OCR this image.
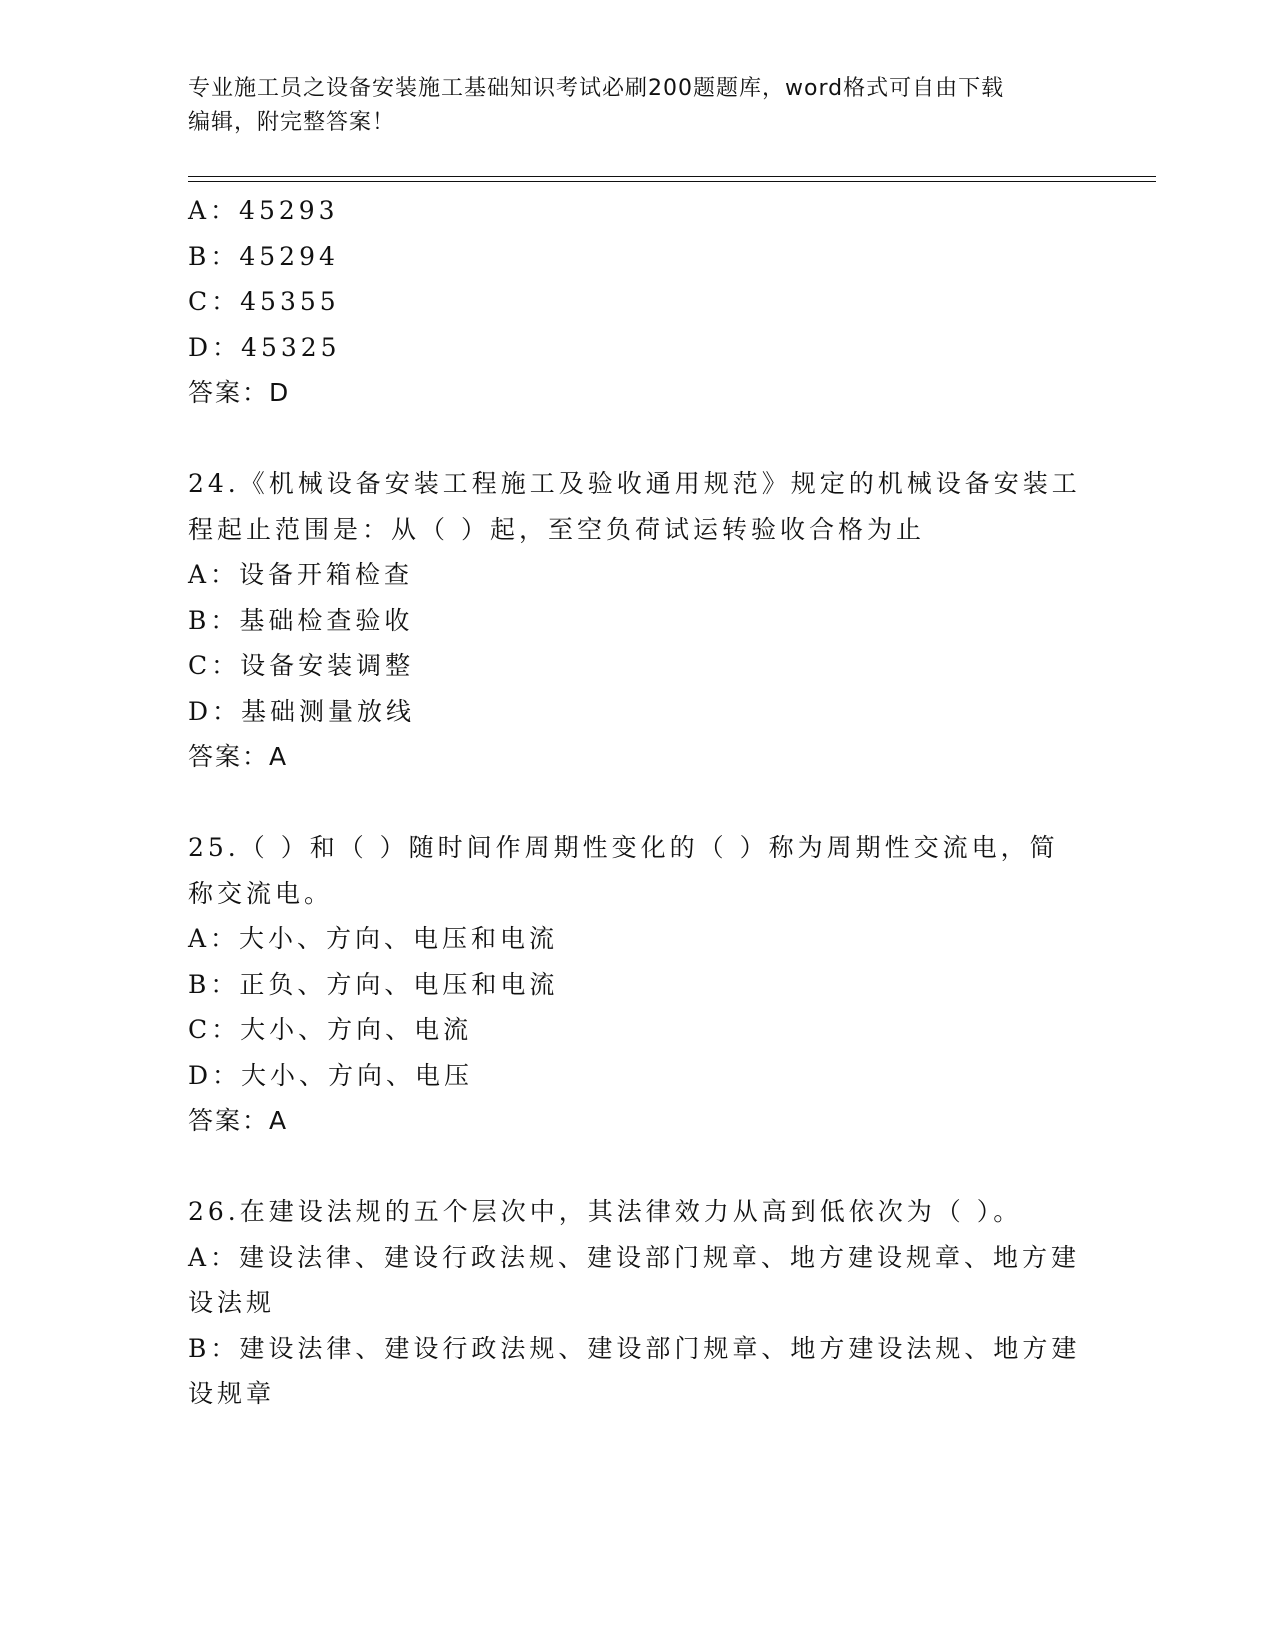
专业施工员之设备安装施工基础知识考试必刷200题题库，word格式可自由下载
编辑，附完整答案！
A：45293
B：45294
C：45355
D：45325
答案：D
24.《机械设备安装工程施工及验收通用规范》规定的机械设备安装工
程起止范围是：从（ ）起，至空负荷试运转验收合格为止
A：设备开箱检查
B：基础检查验收
C：设备安装调整
D：基础测量放线
答案：A
25.（ ）和（ ）随时间作周期性变化的（ ）称为周期性交流电，简
称交流电。
A：大小、方向、电压和电流
B：正负、方向、电压和电流
C：大小、方向、电流
D：大小、方向、电压
答案：A
26.在建设法规的五个层次中，其法律效力从高到低依次为（ ）。
A：建设法律、建设行政法规、建设部门规章、地方建设规章、地方建
设法规
B：建设法律、建设行政法规、建设部门规章、地方建设法规、地方建
设规章
